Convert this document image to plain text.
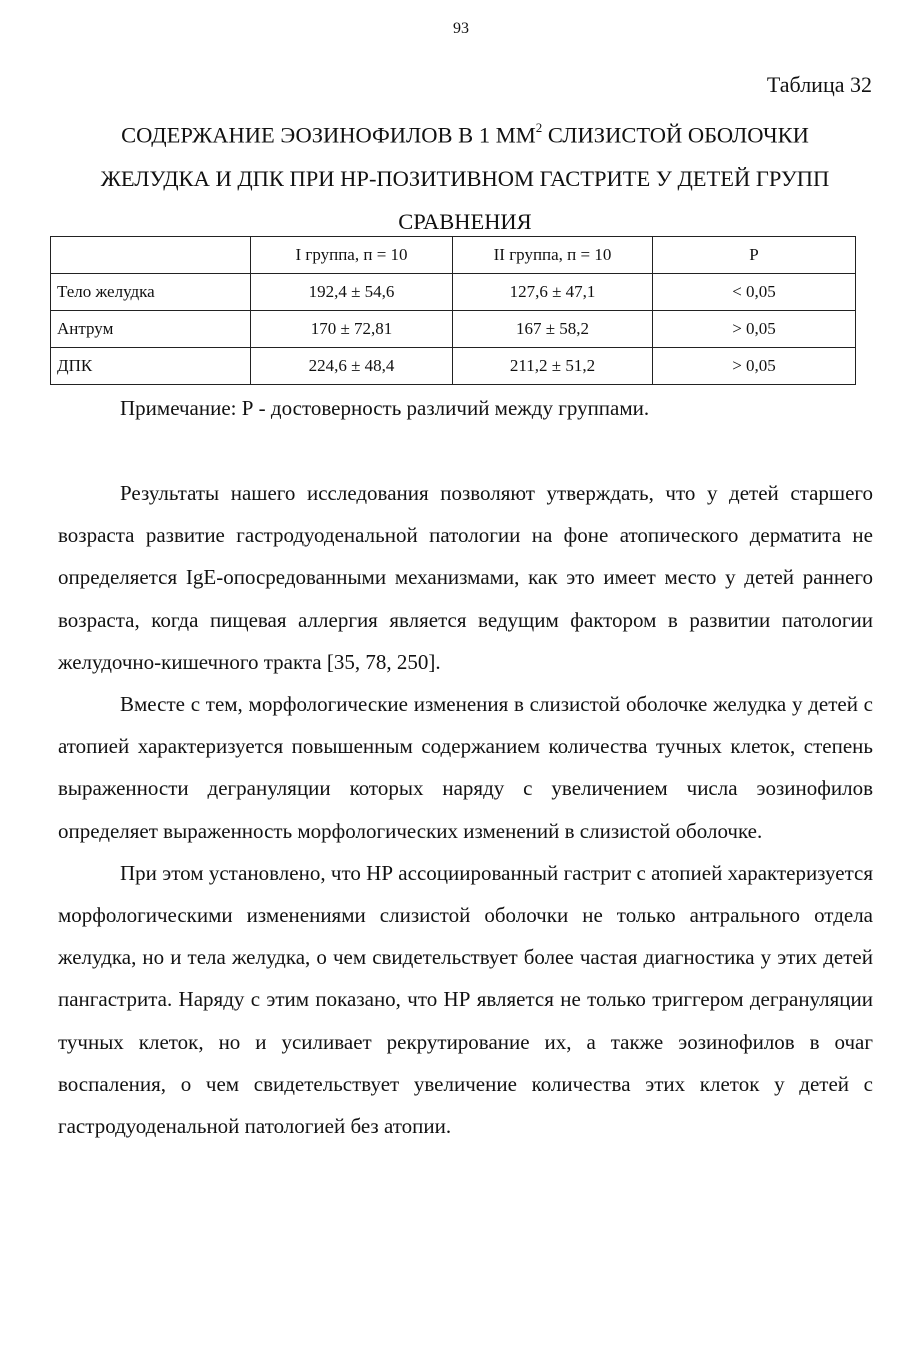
93
Таблица 32
СОДЕРЖАНИЕ ЭОЗИНОФИЛОВ В 1 $ММ^2$ СЛИЗИСТОЙ ОБОЛОЧКИ
ЖЕЛУДКА И ДПК ПРИ НР-ПОЗИТИВНОМ ГАСТРИТЕ У ДЕТЕЙ ГРУПП
СРАВНЕНИЯ
	I группа, п = 10	II группа, п = 10	Р
Тело желудка	192,4 ± 54,6	127,6 ± 47,1	< 0,05
Антрум	170 ± 72,81	167 ± 58,2	> 0,05
ДПК	224,6 ± 48,4	211,2 ± 51,2	> 0,05
Примечание: Р - достоверность различий между группами.

Результаты нашего исследования позволяют утверждать, что у детей старшего возраста развитие гастродуоденальной патологии на фоне атопического дерматита не определяется IgE-опосредованными механизмами, как это имеет место у детей раннего возраста, когда пищевая аллергия является ведущим фактором в развитии патологии желудочно-кишечного тракта [35, 78, 250].

Вместе с тем, морфологические изменения в слизистой оболочке желудка у детей с атопией характеризуется повышенным содержанием количества тучных клеток, степень выраженности дегрануляции которых наряду с увеличением числа эозинофилов определяет выраженность морфологических изменений в слизистой оболочке.

При этом установлено, что НР ассоциированный гастрит с атопией характеризуется морфологическими изменениями слизистой оболочки не только антрального отдела желудка, но и тела желудка, о чем свидетельствует более частая диагностика у этих детей пангастрита. Наряду с этим показано, что НР является не только триггером дегрануляции тучных клеток, но и усиливает рекрутирование их, а также эозинофилов в очаг воспаления, о чем свидетельствует увеличение количества этих клеток у детей с гастродуоденальной патологией без атопии.
